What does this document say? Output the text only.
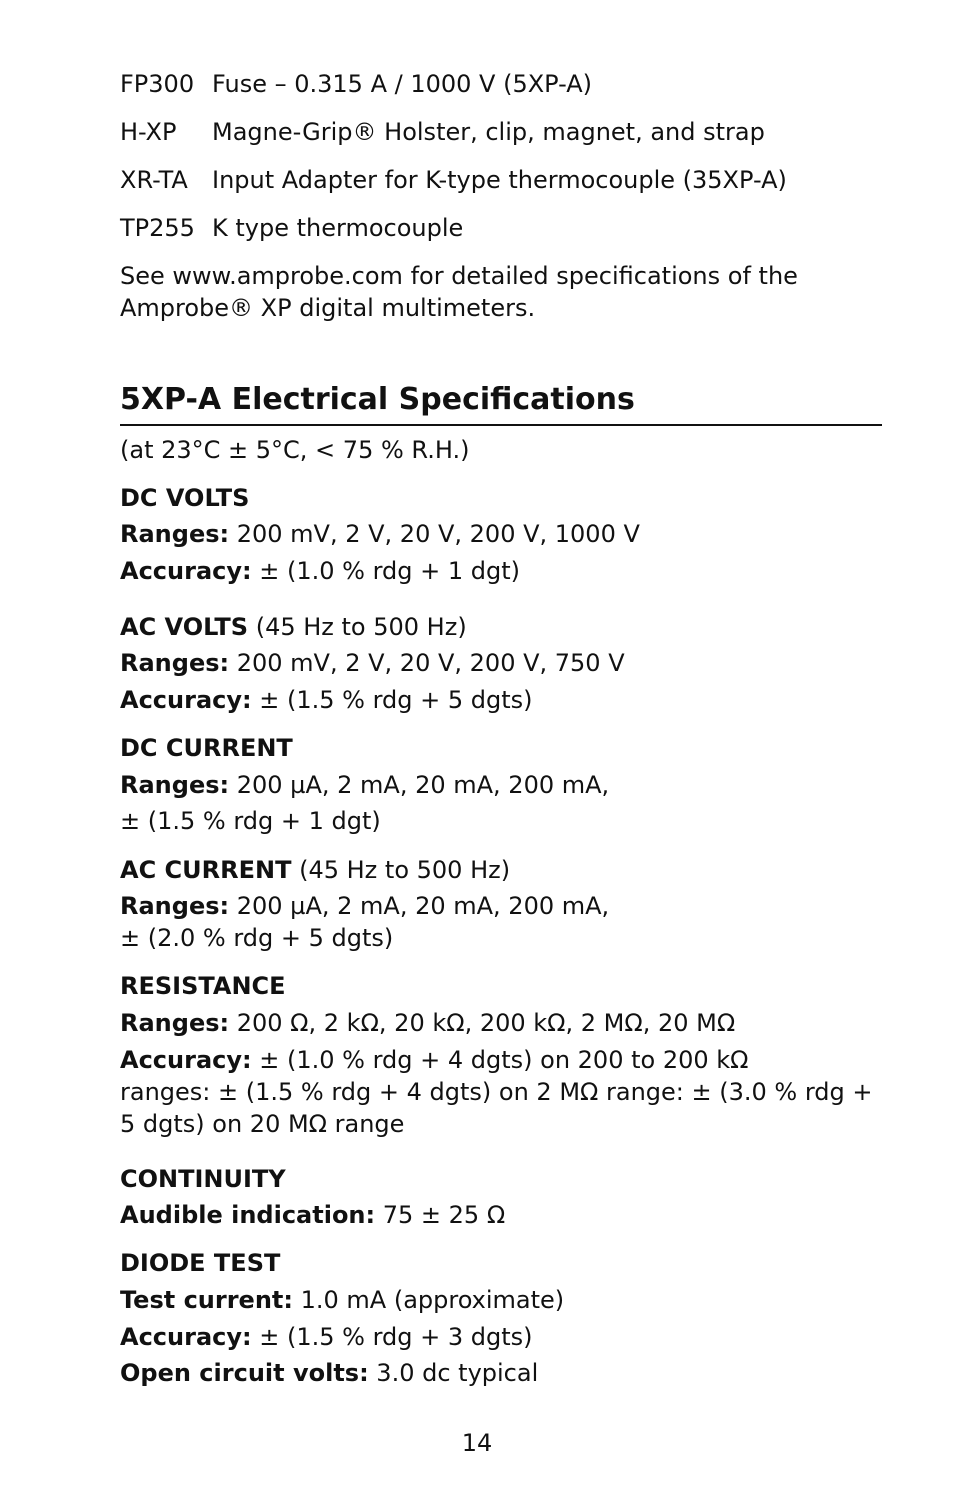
FP300 Fuse – 0.315 A / 1000 V (5XP-A)
H-XP	Magne-Grip® Holster, clip, magnet, and strap
XR-TA	Input Adapter for K-type thermocouple (35XP-A)
TP255 K type thermocouple

See www.amprobe.com for detailed specifications of the Amprobe® XP digital multimeters.

5XP-A Electrical Specifications
(at 23°C ± 5°C, < 75 % R.H.)
DC VOLTS
Ranges: 200 mV, 2 V, 20 V, 200 V, 1000 V
Accuracy: ± (1.0 % rdg + 1 dgt)
AC VOLTS (45 Hz to 500 Hz)
Ranges: 200 mV, 2 V, 20 V, 200 V, 750 V
Accuracy: ± (1.5 % rdg + 5 dgts)
DC CURRENT
Ranges: 200 µA, 2 mA, 20 mA, 200 mA,
± (1.5 % rdg + 1 dgt)
AC CURRENT (45 Hz to 500 Hz)
Ranges: 200 µA, 2 mA, 20 mA, 200 mA,
± (2.0 % rdg + 5 dgts)
RESISTANCE
Ranges: 200 Ω, 2 kΩ, 20 kΩ, 200 kΩ, 2 MΩ, 20 MΩ
Accuracy: ± (1.0 % rdg + 4 dgts) on 200 to 200 kΩ

ranges: ± (1.5 % rdg + 4 dgts) on 2 MΩ range: ± (3.0 % rdg + 5 dgts) on 20 MΩ range

CONTINUITY
Audible indication: 75 ± 25 Ω
DIODE TEST
Test current: 1.0 mA (approximate)
Accuracy: ± (1.5 % rdg + 3 dgts)
Open circuit volts: 3.0 dc typical
14
